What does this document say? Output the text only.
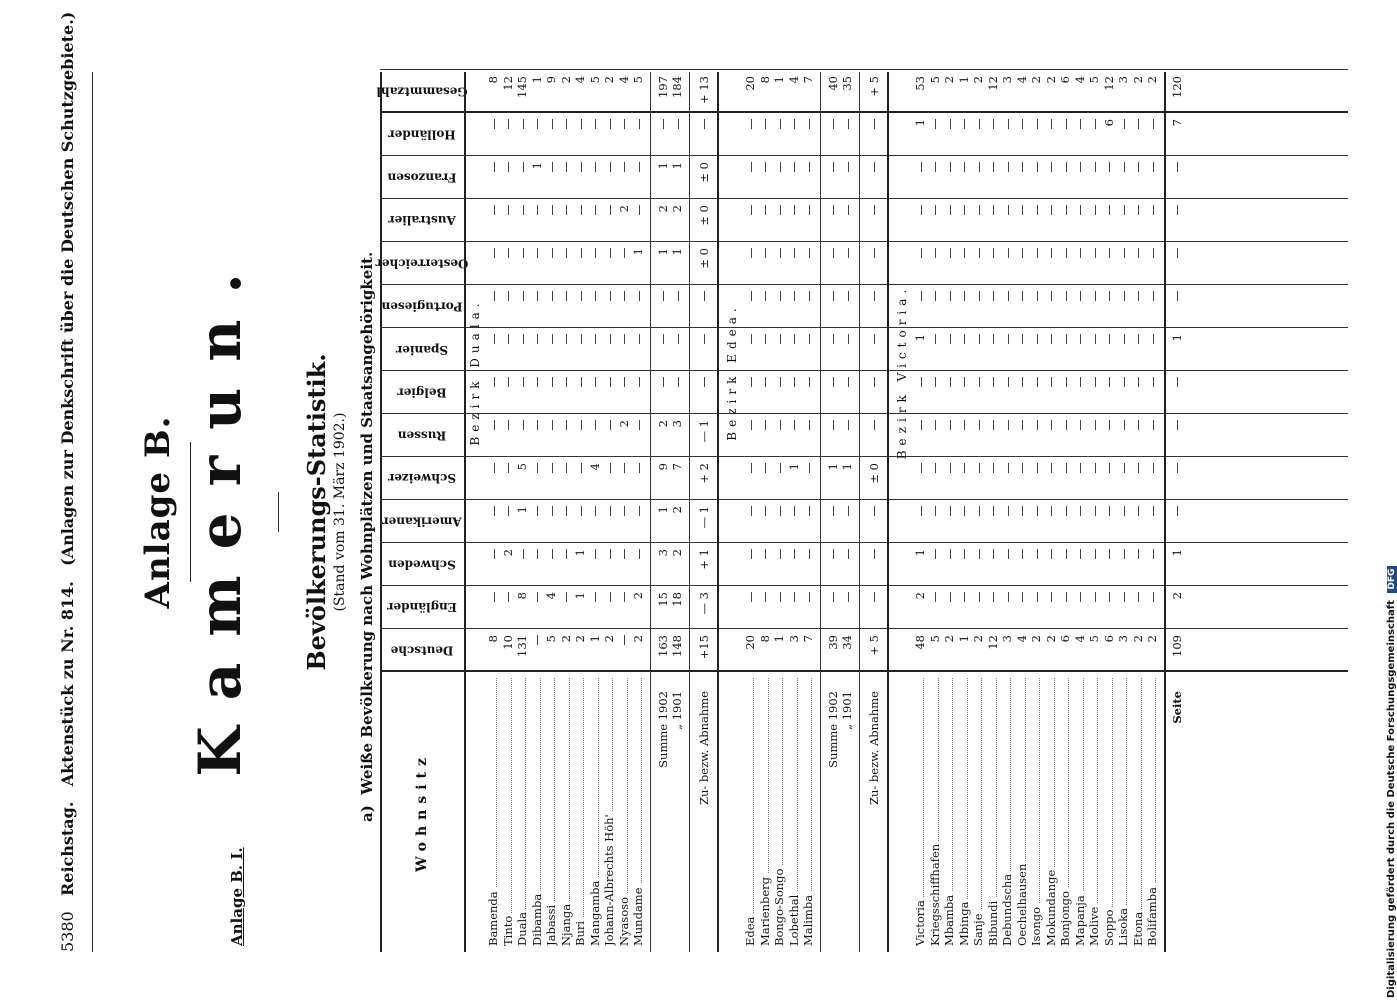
5380   Reichstag.   Aktenstück zu Nr. 814.   (Anlagen zur Denkschrift über die Deutschen Schutzgebiete.)
Anlage B. I.
Anlage B. Kamerun. Bevölkerungs-Statistik. (Stand vom 31. März 1902.)
a)  Weiße Bevölkerung nach Wohnplätzen und Staatsangehörigkeit.
Wohnsitz
Deutsche
Engländer
Schweden
Amerikaner
Schweizer
Russen
Belgier
Spanier
Portugiesen
Oesterreicher
Australier
Franzosen
Holländer
Gesammtzahl
Bezirk Duala.
Bamenda
8
8
Tinto
10
2
12
Duala
131
8
1
5
145
Dibamba
1
1
Jabassi
5
4
9
Njanga
2
2
Buri
2
1
1
4
Mangamba
1
4
5
Johann-Albrechts Höh'
2
2
Nyasoso
2
2
4
Mundame
2
2
1
5
Summe 1902
163
15
3
1
9
2
1
2
1
197
„ 1901
148
18
2
2
7
3
1
2
1
184
Zu- bezw. Abnahme
+15
— 3
+ 1
— 1
+ 2
— 1
± 0
± 0
± 0
+ 13
Bezirk Edea.
Edea
20
20
Marienberg
8
8
Bongo-Songo
1
1
Lobethal
3
1
4
Malimba
7
7
Summe 1902
39
1
40
„ 1901
34
1
35
Zu- bezw. Abnahme
+ 5
± 0
+ 5
Bezirk Victoria.
Victoria
48
2
1
1
1
53
Kriegsschiffhafen
5
5
Mbamba
2
2
Mbinga
1
1
Sanje
2
2
Bibundi
12
12
Debundscha
3
3
Oechelhausen
4
4
Isongo
2
2
Mokundange
2
2
Bonjongo
6
6
Mapanja
4
4
Molive
5
5
Soppo
6
6
12
Lisoka
3
3
Etona
2
2
Bolifamba
2
2
Seite
109
2
1
1
7
120
Digitalisierung gefördert durch die Deutsche Forschungsgemeinschaft DFG
